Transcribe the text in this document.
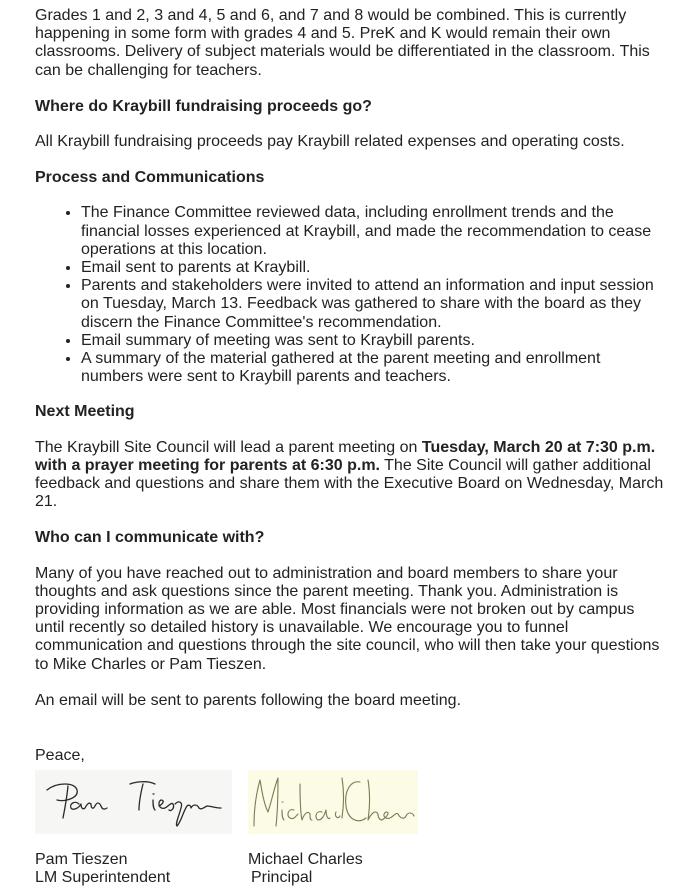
Grades 1 and 2, 3 and 4, 5 and 6, and 7 and 8 would be combined. This is currently happening in some form with grades 4 and 5. PreK and K would remain their own classrooms. Delivery of subject materials would be differentiated in the classroom. This can be challenging for teachers.

Where do Kraybill fundraising proceeds go?

All Kraybill fundraising proceeds pay Kraybill related expenses and operating costs.

Process and Communications

• The Finance Committee reviewed data, including enrollment trends and the financial losses experienced at Kraybill, and made the recommendation to cease operations at this location.
• Email sent to parents at Kraybill.
• Parents and stakeholders were invited to attend an information and input session on Tuesday, March 13. Feedback was gathered to share with the board as they discern the Finance Committee's recommendation.
• Email summary of meeting was sent to Kraybill parents.
• A summary of the material gathered at the parent meeting and enrollment numbers were sent to Kraybill parents and teachers.

Next Meeting

The Kraybill Site Council will lead a parent meeting on Tuesday, March 20 at 7:30 p.m. with a prayer meeting for parents at 6:30 p.m. The Site Council will gather additional feedback and questions and share them with the Executive Board on Wednesday, March 21.

Who can I communicate with?

Many of you have reached out to administration and board members to share your thoughts and ask questions since the parent meeting. Thank you. Administration is providing information as we are able. Most financials were not broken out by campus until recently so detailed history is unavailable. We encourage you to funnel communication and questions through the site council, who will then take your questions to Mike Charles or Pam Tieszen.

An email will be sent to parents following the board meeting.

Peace,

Pam Tieszen
LM Superintendent
Michael Charles
Principal
